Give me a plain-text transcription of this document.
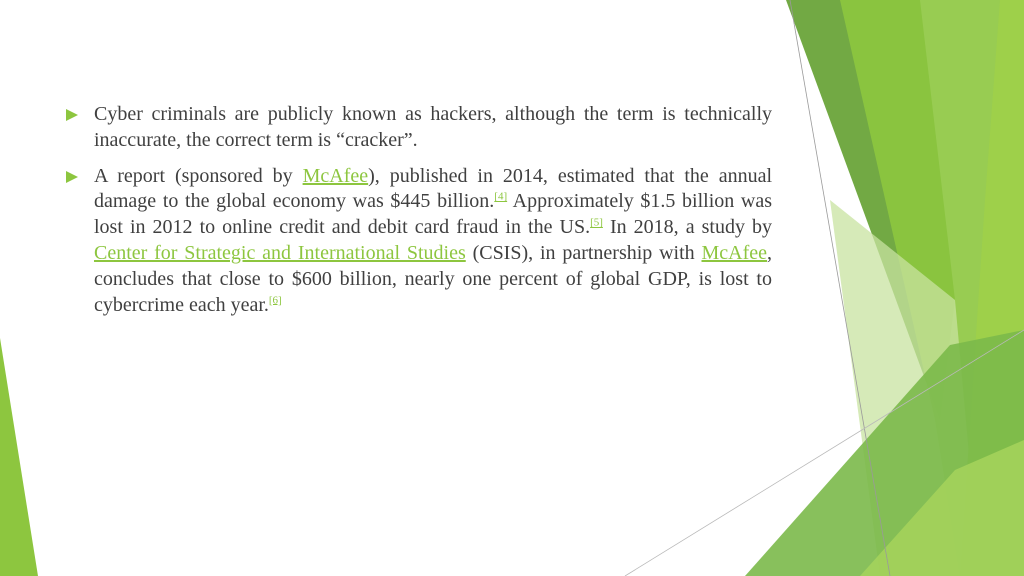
Cyber criminals are publicly known as hackers, although the term is technically inaccurate, the correct term is “cracker”.
A report (sponsored by McAfee), published in 2014, estimated that the annual damage to the global economy was $445 billion.[4] Approximately $1.5 billion was lost in 2012 to online credit and debit card fraud in the US.[5] In 2018, a study by Center for Strategic and International Studies (CSIS), in partnership with McAfee, concludes that close to $600 billion, nearly one percent of global GDP, is lost to cybercrime each year.[6]
